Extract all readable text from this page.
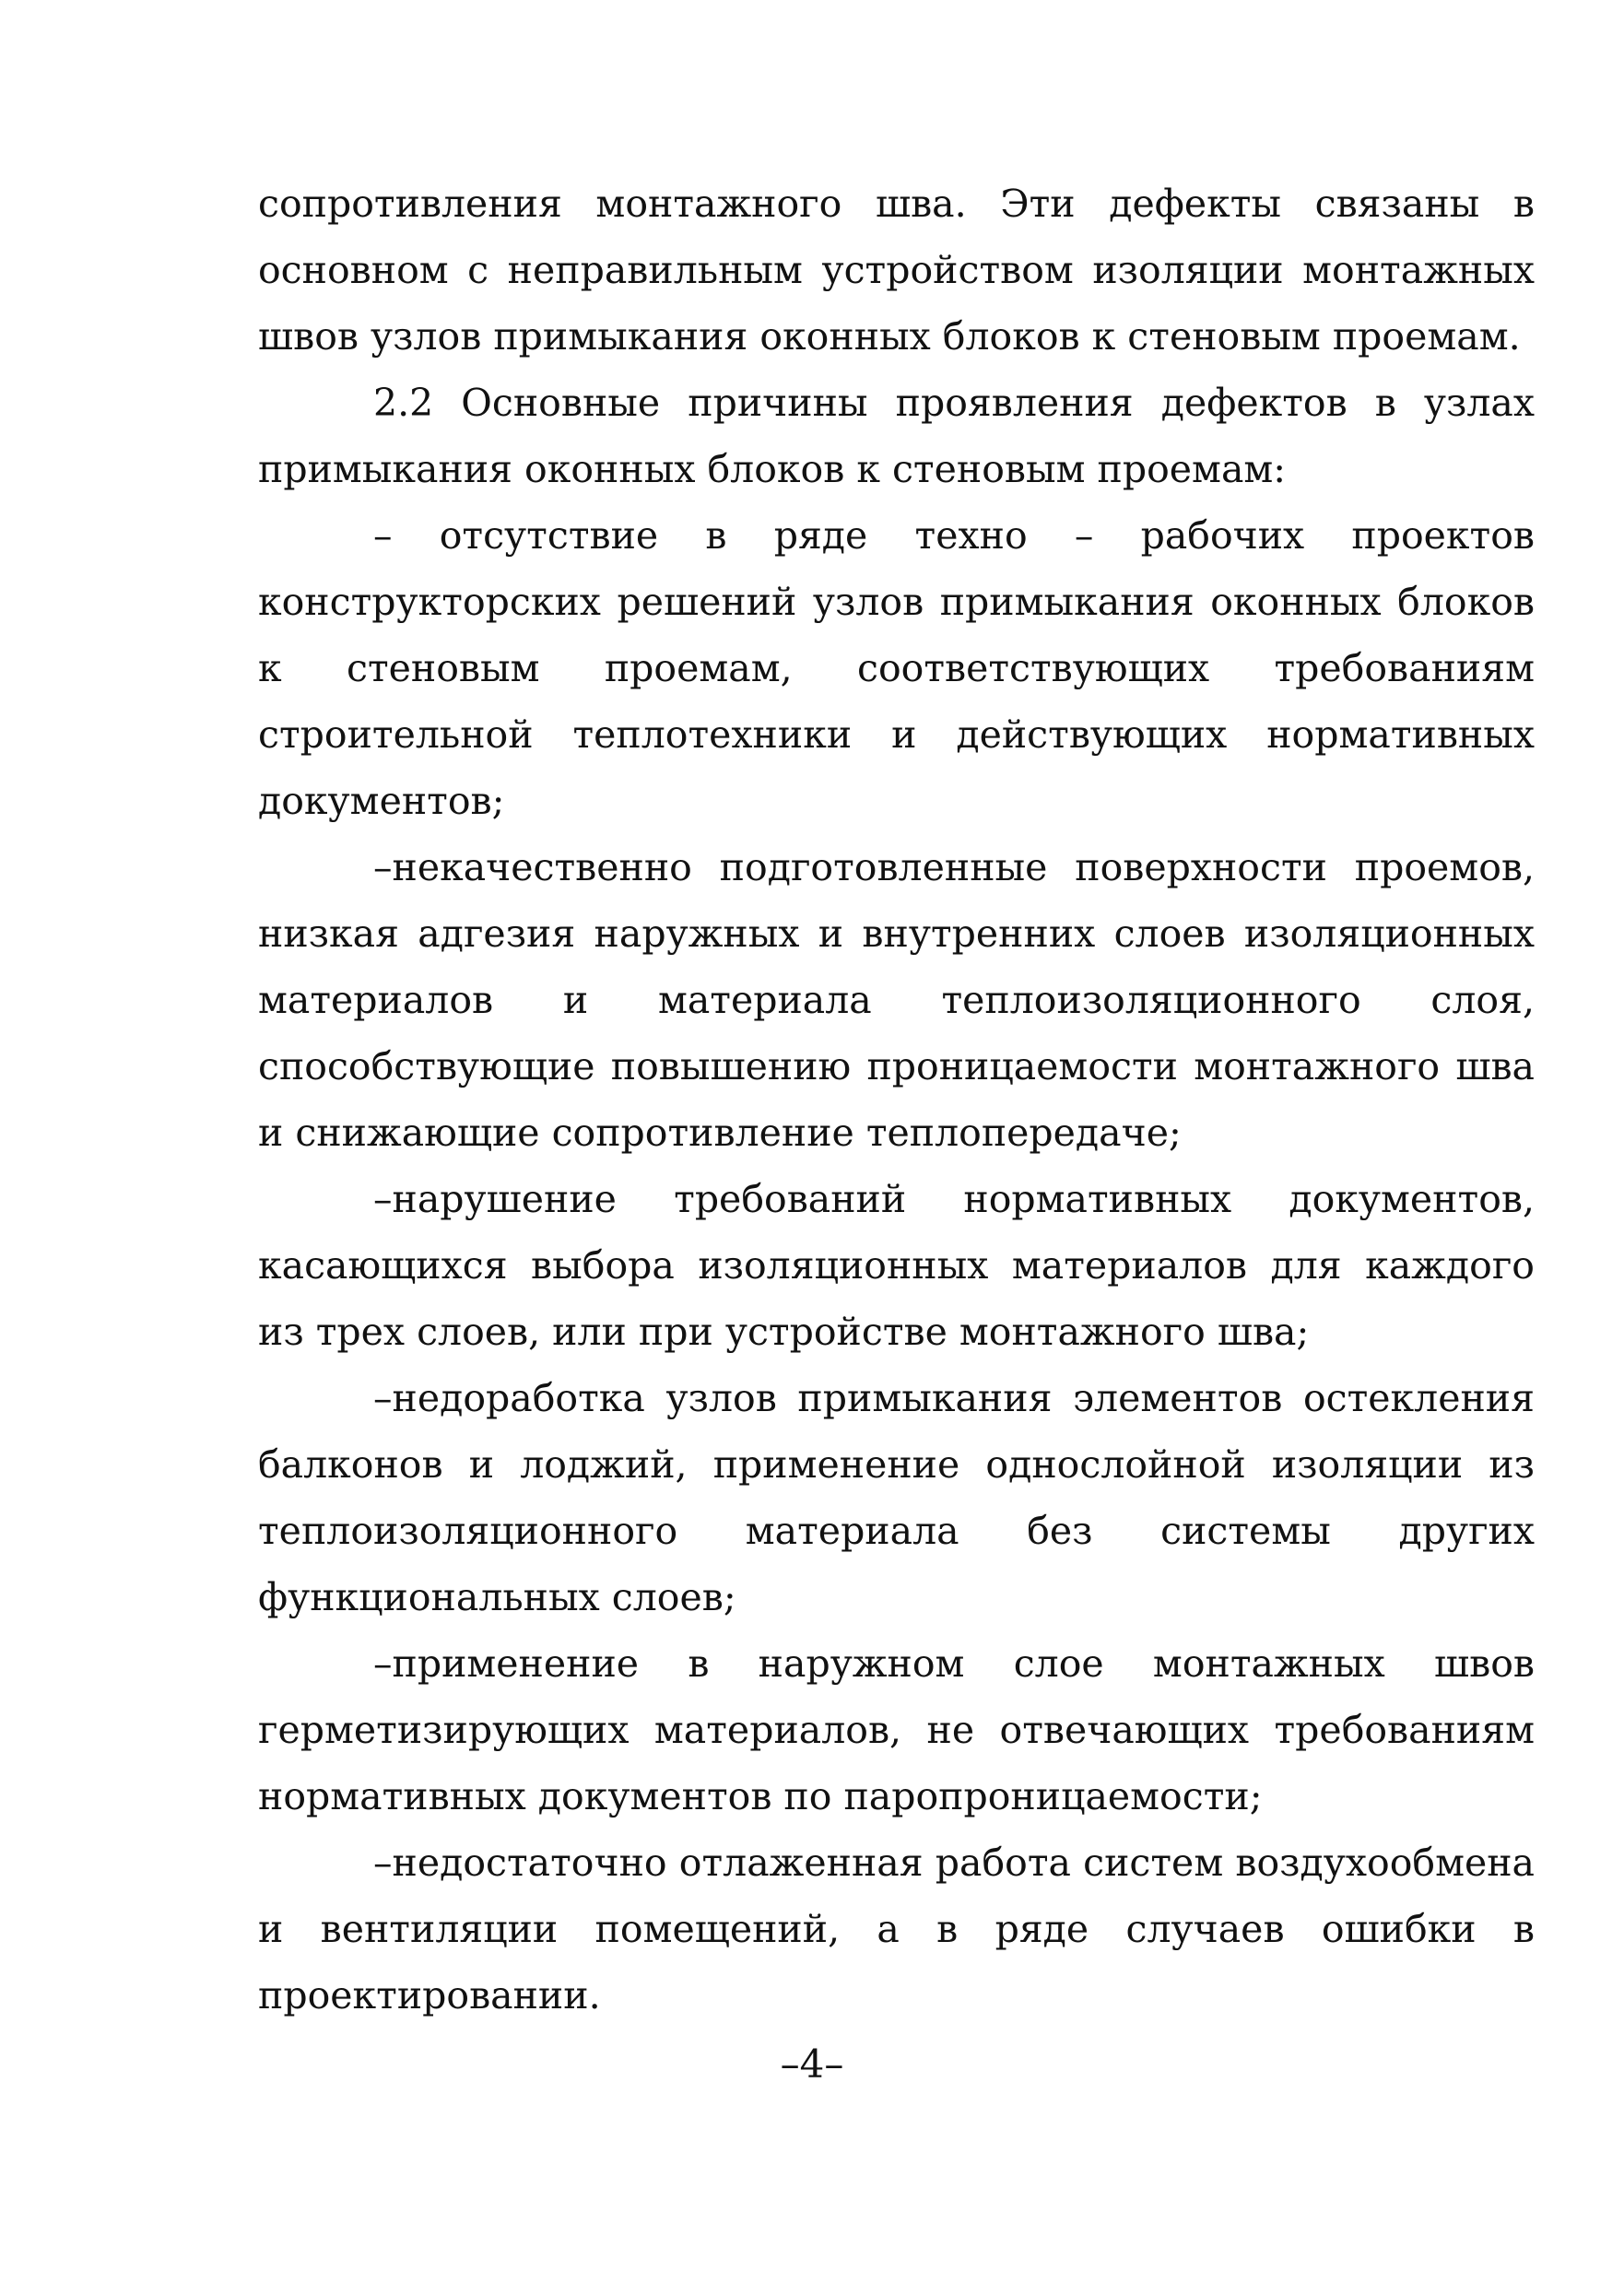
сопротивления монтажного шва. Эти дефекты связаны в основном с неправильным устройством изоляции монтажных швов узлов примыкания оконных блоков к стеновым проемам.

2.2 Основные причины проявления дефектов в узлах примыкания оконных блоков к стеновым проемам:

– отсутствие в ряде техно – рабочих проектов конструкторских решений узлов примыкания оконных блоков к стеновым проемам, соответствующих требованиям строительной теплотехники и действующих нормативных документов;

–некачественно подготовленные поверхности проемов, низкая адгезия наружных и внутренних слоев изоляционных материалов и материала теплоизоляционного слоя, способствующие повышению проницаемости монтажного шва и снижающие сопротивление теплопередаче;

–нарушение требований нормативных документов, касающихся выбора изоляционных материалов для каждого из трех слоев, или при устройстве монтажного шва;

–недоработка узлов примыкания элементов остекления балконов и лоджий, применение однослойной изоляции из теплоизоляционного материала без системы других функциональных слоев;

–применение в наружном слое монтажных швов герметизирующих материалов, не отвечающих требованиям нормативных документов по паропроницаемости;

–недостаточно отлаженная работа систем воздухообмена и вентиляции помещений, а в ряде случаев ошибки в проектировании.

–4–
